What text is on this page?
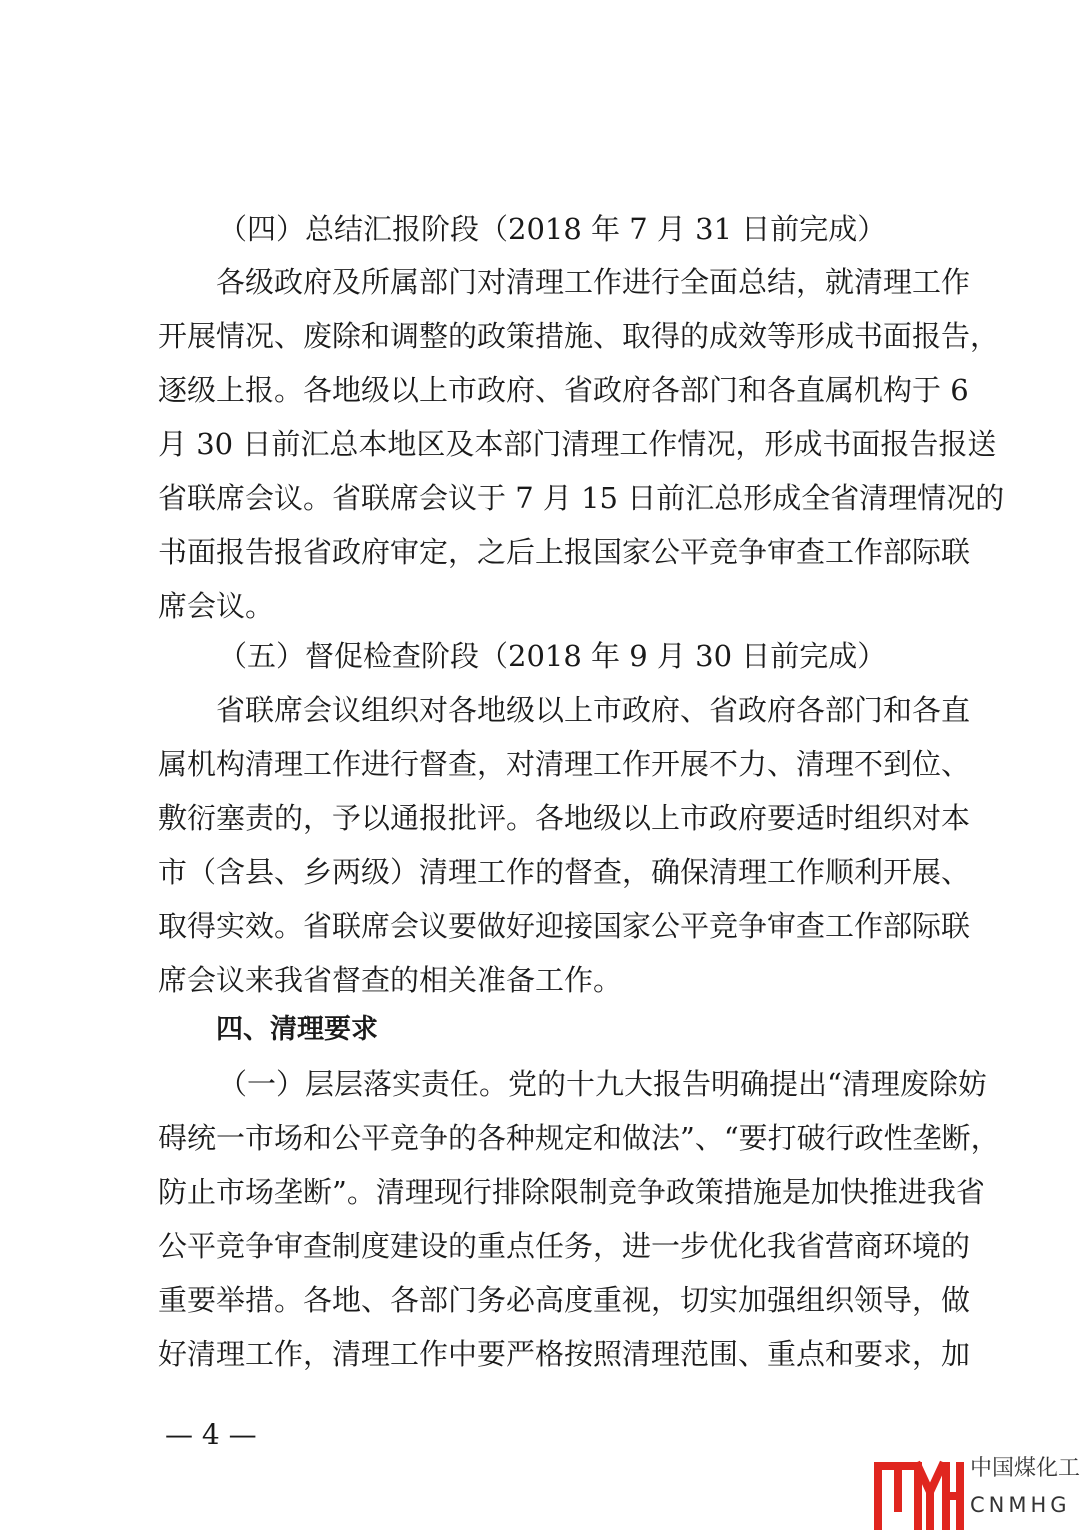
（四）总结汇报阶段（2018 年 7 月 31 日前完成）
各级政府及所属部门对清理工作进行全面总结，就清理工作
开展情况、废除和调整的政策措施、取得的成效等形成书面报告，
逐级上报。各地级以上市政府、省政府各部门和各直属机构于 6
月 30 日前汇总本地区及本部门清理工作情况，形成书面报告报送
省联席会议。省联席会议于 7 月 15 日前汇总形成全省清理情况的
书面报告报省政府审定，之后上报国家公平竞争审查工作部际联
席会议。
（五）督促检查阶段（2018 年 9 月 30 日前完成）
省联席会议组织对各地级以上市政府、省政府各部门和各直
属机构清理工作进行督查，对清理工作开展不力、清理不到位、
敷衍塞责的，予以通报批评。各地级以上市政府要适时组织对本
市（含县、乡两级）清理工作的督查，确保清理工作顺利开展、
取得实效。省联席会议要做好迎接国家公平竞争审查工作部际联
席会议来我省督查的相关准备工作。
四、清理要求
（一）层层落实责任。党的十九大报告明确提出“清理废除妨
碍统一市场和公平竞争的各种规定和做法”、“要打破行政性垄断，
防止市场垄断”。清理现行排除限制竞争政策措施是加快推进我省
公平竞争审查制度建设的重点任务，进一步优化我省营商环境的
重要举措。各地、各部门务必高度重视，切实加强组织领导，做
好清理工作，清理工作中要严格按照清理范围、重点和要求，加
— 4 —
中国煤化工
CNMHG
